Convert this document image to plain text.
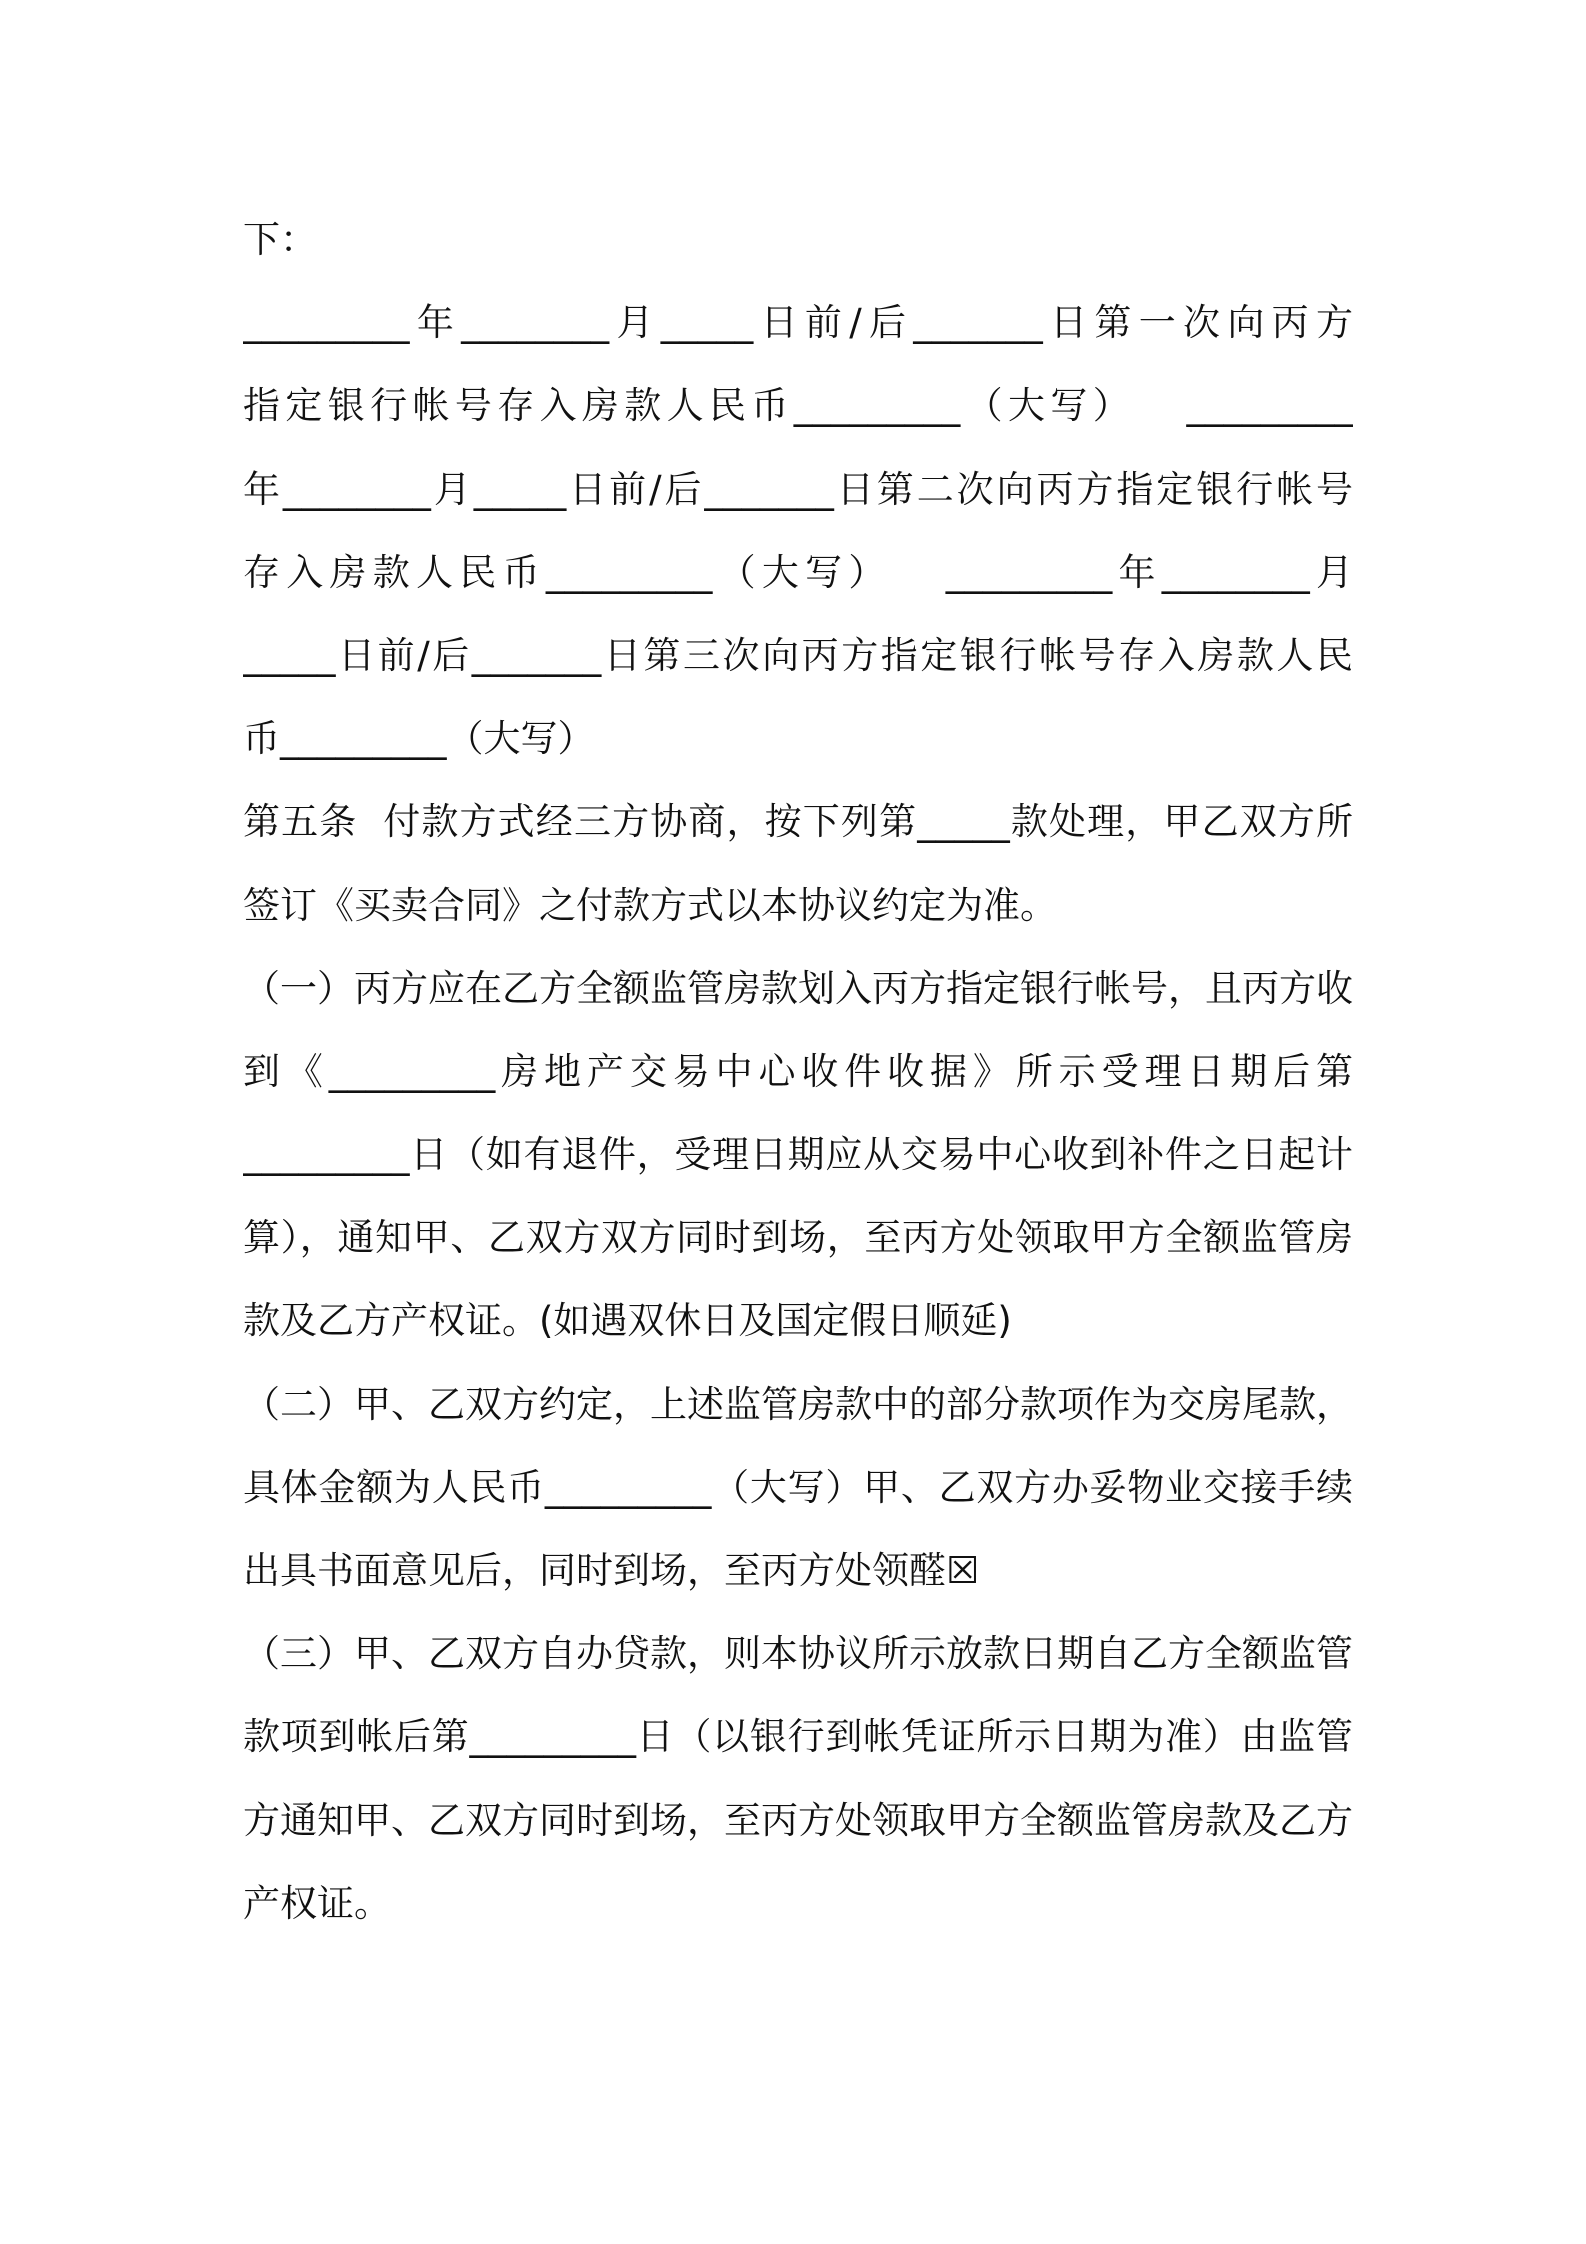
下：
_________年________月_____日前/后_______日第一次向丙方
指定银行帐号存入房款人民币_________（大写）   _________
年________月_____日前/后_______日第二次向丙方指定银行帐号
存入房款人民币_________（大写）   _________年________月
_____日前/后_______日第三次向丙方指定银行帐号存入房款人民
币_________（大写）
第五条  付款方式经三方协商，按下列第_____款处理，甲乙双方所
签订《买卖合同》之付款方式以本协议约定为准。
（一）丙方应在乙方全额监管房款划入丙方指定银行帐号，且丙方收
到《_________房地产交易中心收件收据》所示受理日期后第
_________日（如有退件，受理日期应从交易中心收到补件之日起计
算），通知甲、乙双方双方同时到场，至丙方处领取甲方全额监管房
款及乙方产权证。(如遇双休日及国定假日顺延)
（二）甲、乙双方约定，上述监管房款中的部分款项作为交房尾款，
具体金额为人民币_________（大写）甲、乙双方办妥物业交接手续
出具书面意见后，同时到场，至丙方处领醛☒
（三）甲、乙双方自办贷款，则本协议所示放款日期自乙方全额监管
款项到帐后第_________日（以银行到帐凭证所示日期为准）由监管
方通知甲、乙双方同时到场，至丙方处领取甲方全额监管房款及乙方
产权证。
